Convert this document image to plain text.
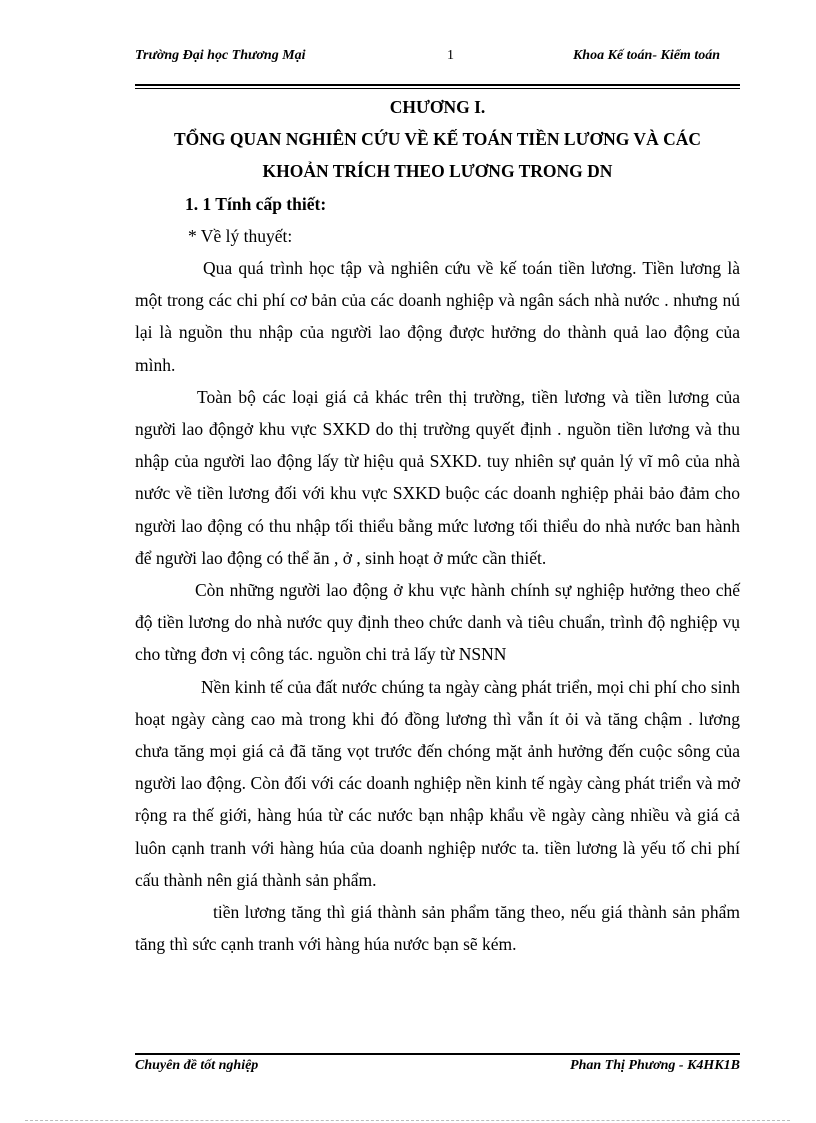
Trường Đại học Thương Mại	1	Khoa Kế toán- Kiểm toán

CHƯƠNG I.

TỔNG QUAN NGHIÊN CỨU VỀ KẾ TOÁN TIỀN LƯƠNG VÀ CÁC

KHOẢN TRÍCH THEO LƯƠNG TRONG DN

1. 1 Tính cấp thiết:

* Về lý thuyết:

Qua quá trình học tập và nghiên cứu về kế toán tiền lương. Tiền lương là một trong các chi phí cơ bản của các doanh nghiệp và ngân sách nhà nước . nhưng nú lại là nguồn thu nhập của người lao động được hưởng do thành quả lao động của mình.

Toàn bộ các loại giá cả khác trên thị trường, tiền lương và tiền lương của người lao độngở khu vực SXKD do thị trường quyết định . nguồn tiền lương và thu nhập của người lao động lấy từ hiệu quả SXKD. tuy nhiên sự quản lý vĩ mô của nhà nước về tiền lương đối với khu vực SXKD buộc các doanh nghiệp phải bảo đảm cho người lao động có thu nhập tối thiểu bằng mức lương tối thiểu do nhà nước ban hành để người lao động có thể ăn , ở , sinh hoạt ở mức cần thiết.

Còn những người lao động ở khu vực hành chính sự nghiệp hưởng theo chế độ tiền lương do nhà nước quy định theo chức danh và tiêu chuẩn, trình độ nghiệp vụ cho từng đơn vị công tác. nguồn chi trả lấy từ NSNN

Nền kinh tế của đất nước chúng ta ngày càng phát triển, mọi chi phí cho sinh hoạt ngày càng cao mà trong khi đó đồng lương thì vẫn ít ỏi và tăng chậm . lương chưa tăng mọi giá cả đã tăng vọt trước đến chóng mặt ảnh hưởng đến cuộc sông của người lao động. Còn đối với các doanh nghiệp nền kinh tế ngày càng phát triển và mở rộng ra thế giới, hàng húa từ các nước bạn nhập khẩu về ngày càng nhiều và giá cả luôn cạnh tranh với hàng húa của doanh nghiệp nước ta. tiền lương là yếu tố chi phí cấu thành nên giá thành sản phẩm.

tiền lương tăng thì giá thành sản phẩm tăng theo, nếu giá thành sản phẩm tăng thì sức cạnh tranh với hàng húa nước bạn sẽ kém.

Chuyên đề tốt nghiệp	Phan Thị Phương - K4HK1B
